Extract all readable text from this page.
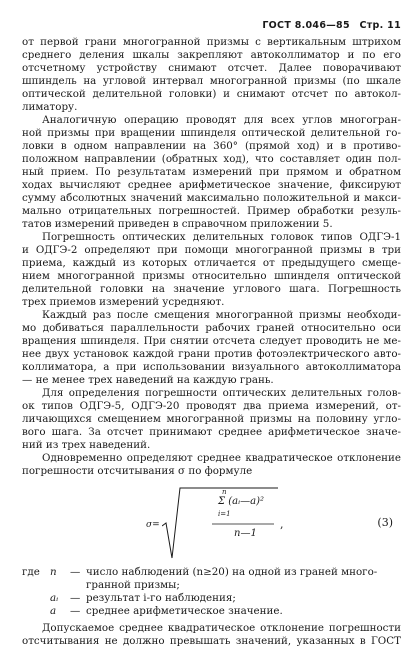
ГОСТ 8.046—85 Стр. 11
от первой грани многогранной призмы с вертикальным штрихом
среднего деления шкалы закрепляют автоколлиматор и по его
отсчетному устройству снимают отсчет. Далее поворачивают
шпиндель на угловой интервал многогранной призмы (по шкале
оптической делительной головки) и снимают отсчет по автокол-
лиматору.
Аналогичную операцию проводят для всех углов многогран-
ной призмы при вращении шпинделя оптической делительной го-
ловки в одном направлении на 360° (прямой ход) и в противо-
положном направлении (обратных ход), что составляет один пол-
ный прием. По результатам измерений при прямом и обратном
ходах вычисляют среднее арифметическое значение, фиксируют
сумму абсолютных значений максимально положительной и макси-
мально отрицательных погрешностей. Пример обработки резуль-
татов измерений приведен в справочном приложении 5.
Погрешность оптических делительных головок типов ОДГЭ-1
и ОДГЭ-2 определяют при помощи многогранной призмы в три
приема, каждый из которых отличается от предыдущего смеще-
нием многогранной призмы относительно шпинделя оптической
делительной головки на значение углового шага. Погрешность
трех приемов измерений усредняют.
Каждый раз после смещения многогранной призмы необходи-
мо добиваться параллельности рабочих граней относительно оси
вращения шпинделя. При снятии отсчета следует проводить не ме-
нее двух установок каждой грани против фотоэлектрического авто-
коллиматора, а при использовании визуального автоколлиматора
— не менее трех наведений на каждую грань.
Для определения погрешности оптических делительных голов-
ок типов ОДГЭ-5, ОДГЭ-20 проводят два приема измерений, от-
личающихся смещением многогранной призмы на половину угло-
вого шага. За отсчет принимают среднее арифметическое значе-
ний из трех наведений.
Одновременно определяют среднее квадратическое отклонение
погрешности отсчитывания σ по формуле
σ=
n
Σ (aᵢ—a)²
i=1
n—1
,	(3)
где n	— число наблюдений (n≥20) на одной из граней много-
гранной призмы;
aᵢ	— результат i-го наблюдения;
a	— среднее арифметическое значение.
Допускаемое среднее квадратическое отклонение погрешности
отсчитывания не должно превышать значений, указанных в ГОСТ
